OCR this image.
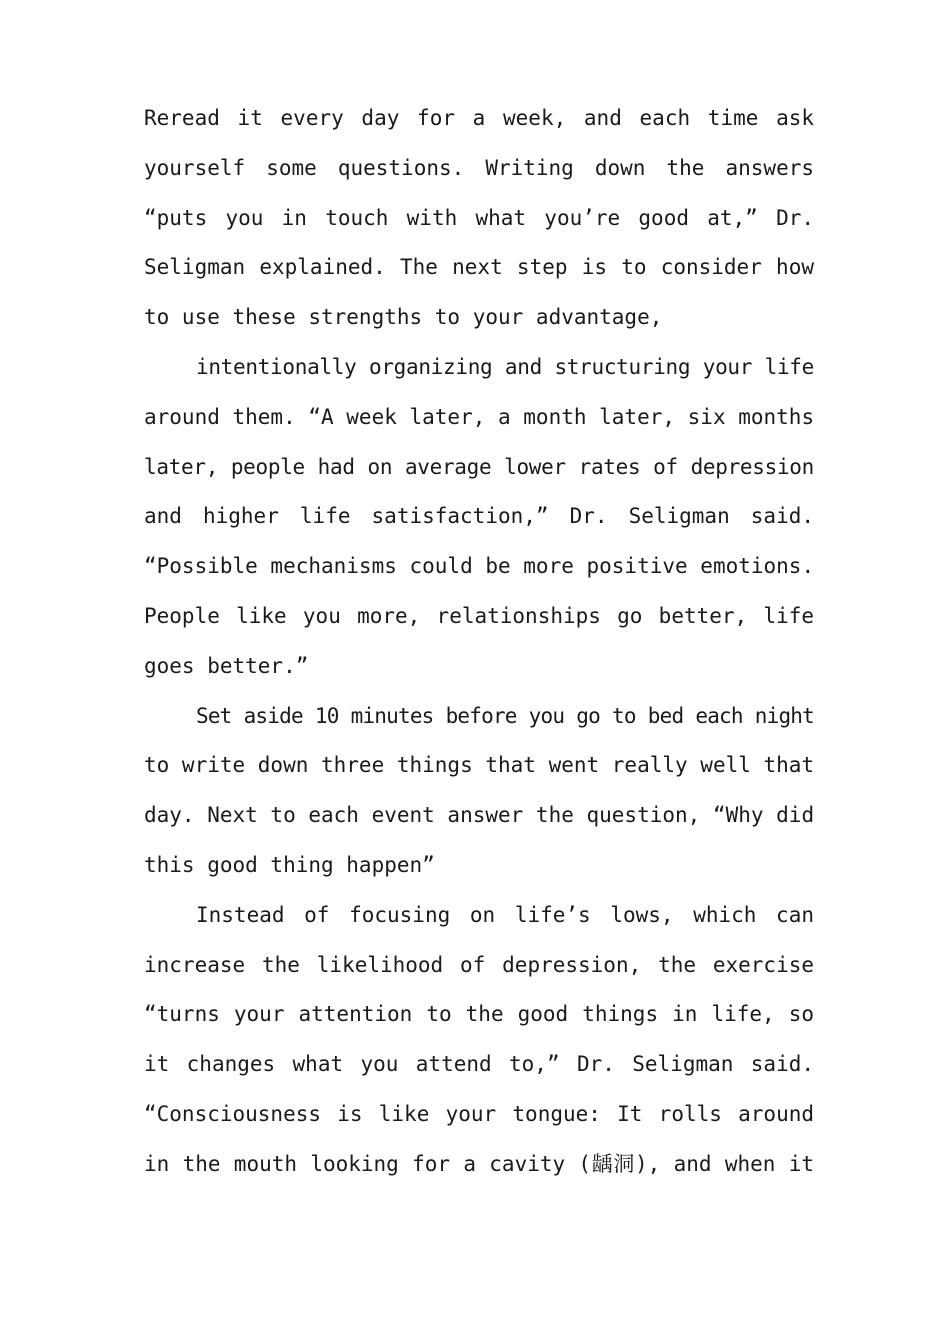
Reread it every day for a week, and each time ask
yourself some questions. Writing down the answers
“puts you in touch with what you’re good at,” Dr.
Seligman explained. The next step is to consider how
to use these strengths to your advantage,
intentionally organizing and structuring your life
around them. “A week later, a month later, six months
later, people had on average lower rates of depression
and higher life satisfaction,” Dr. Seligman said.
“Possible mechanisms could be more positive emotions.
People like you more, relationships go better, life
goes better.”
Set aside 10 minutes before you go to bed each night
to write down three things that went really well that
day. Next to each event answer the question, “Why did
this good thing happen”
Instead of focusing on life’s lows, which can
increase the likelihood of depression, the exercise
“turns your attention to the good things in life, so
it changes what you attend to,” Dr. Seligman said.
“Consciousness is like your tongue: It rolls around
in the mouth looking for a cavity (龋洞), and when it
